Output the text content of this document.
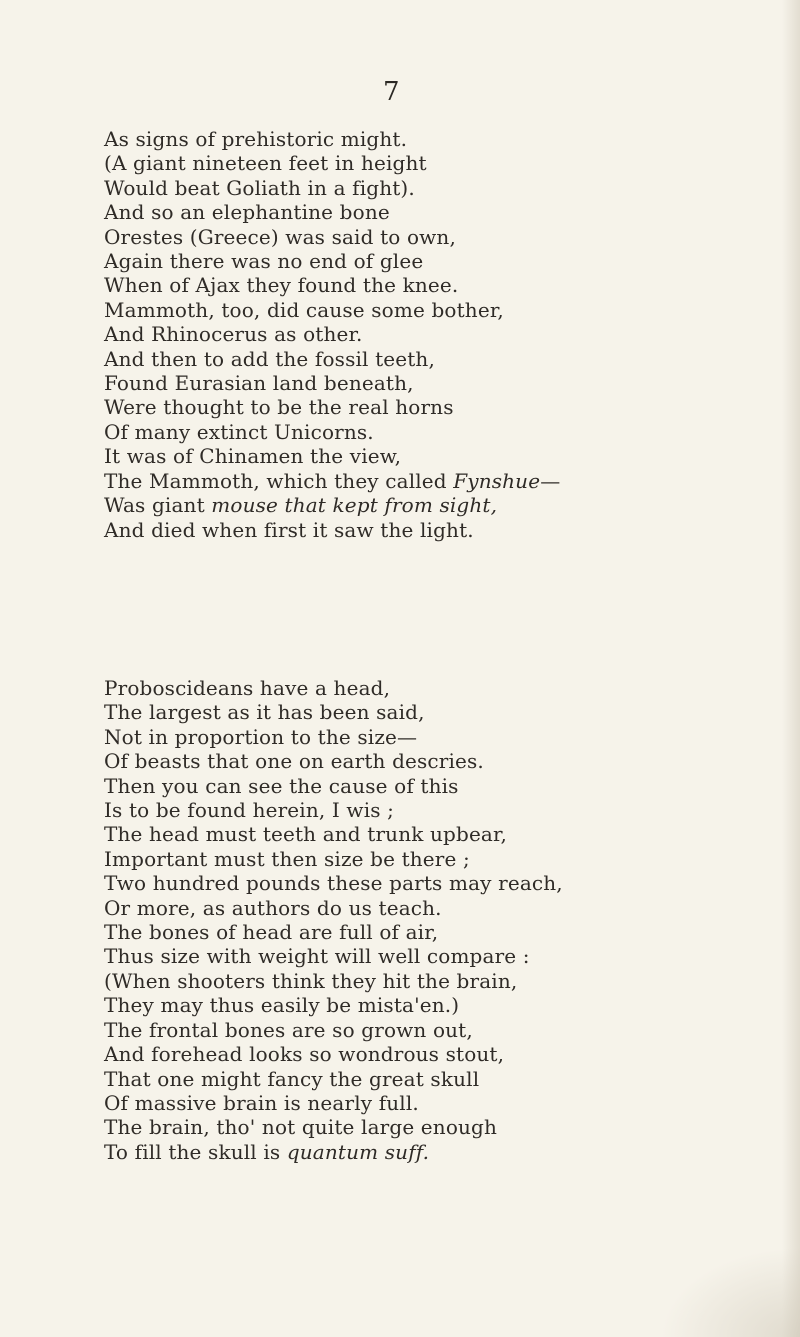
7
As signs of prehistoric might.
(A giant nineteen feet in height
Would beat Goliath in a fight).
And so an elephantine bone
Orestes (Greece) was said to own,
Again there was no end of glee
When of Ajax they found the knee.
Mammoth, too, did cause some bother,
And Rhinocerus as other.
And then to add the fossil teeth,
Found Eurasian land beneath,
Were thought to be the real horns
Of many extinct Unicorns.
It was of Chinamen the view,
The Mammoth, which they called Fynshue—
Was giant mouse that kept from sight,
And died when first it saw the light.
Proboscideans have a head,
The largest as it has been said,
Not in proportion to the size—
Of beasts that one on earth descries.
Then you can see the cause of this
Is to be found herein, I wis ;
The head must teeth and trunk upbear,
Important must then size be there ;
Two hundred pounds these parts may reach,
Or more, as authors do us teach.
The bones of head are full of air,
Thus size with weight will well compare :
(When shooters think they hit the brain,
They may thus easily be mista'en.)
The frontal bones are so grown out,
And forehead looks so wondrous stout,
That one might fancy the great skull
Of massive brain is nearly full.
The brain, tho' not quite large enough
To fill the skull is quantum suff.
